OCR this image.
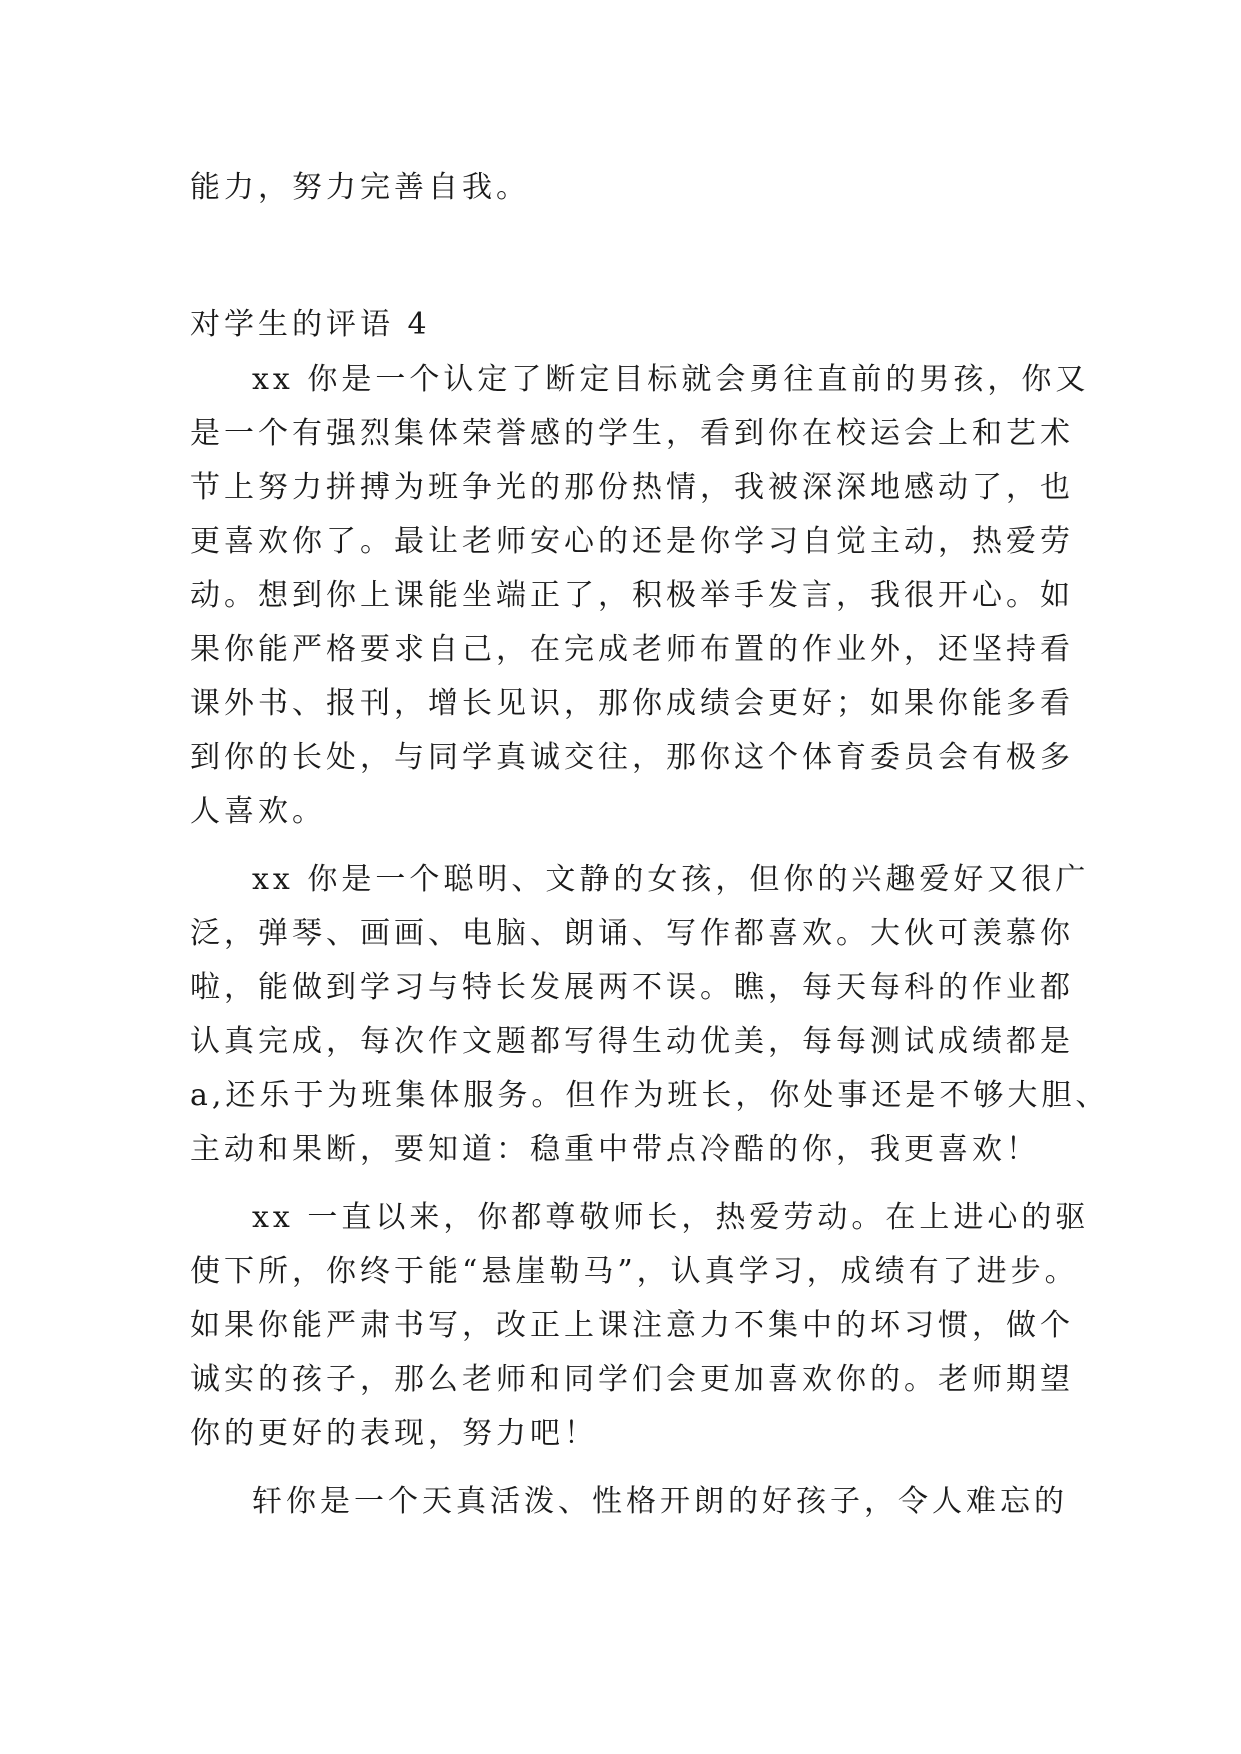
能力，努力完善自我。

对学生的评语 4

xx 你是一个认定了断定目标就会勇往直前的男孩，你又

是一个有强烈集体荣誉感的学生，看到你在校运会上和艺术

节上努力拼搏为班争光的那份热情，我被深深地感动了，也

更喜欢你了。最让老师安心的还是你学习自觉主动，热爱劳

动。想到你上课能坐端正了，积极举手发言，我很开心。如

果你能严格要求自己，在完成老师布置的作业外，还坚持看

课外书、报刊，增长见识，那你成绩会更好；如果你能多看

到你的长处，与同学真诚交往，那你这个体育委员会有极多

人喜欢。

xx 你是一个聪明、文静的女孩，但你的兴趣爱好又很广

泛，弹琴、画画、电脑、朗诵、写作都喜欢。大伙可羡慕你

啦，能做到学习与特长发展两不误。瞧，每天每科的作业都

认真完成，每次作文题都写得生动优美，每每测试成绩都是

a,还乐于为班集体服务。但作为班长，你处事还是不够大胆、

主动和果断，要知道：稳重中带点冷酷的你，我更喜欢！

xx 一直以来，你都尊敬师长，热爱劳动。在上进心的驱

使下所，你终于能“悬崖勒马”，认真学习，成绩有了进步。

如果你能严肃书写，改正上课注意力不集中的坏习惯，做个

诚实的孩子，那么老师和同学们会更加喜欢你的。老师期望

你的更好的表现，努力吧！

轩你是一个天真活泼、性格开朗的好孩子，令人难忘的
